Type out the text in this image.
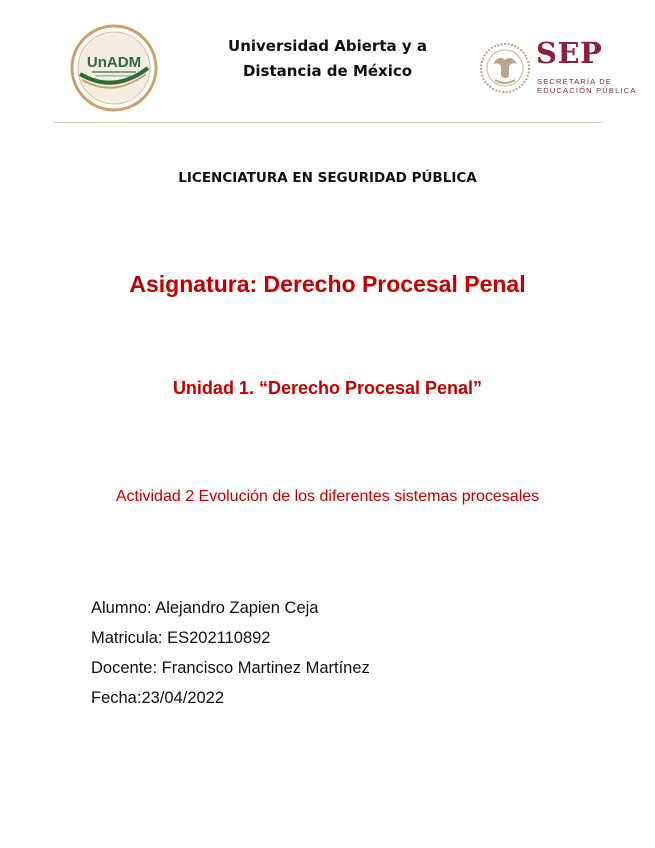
UnADM
Universidad Abierta y a
Distancia de México
SEP
SECRETARÍA DE
EDUCACIÓN PÚBLICA
LICENCIATURA EN SEGURIDAD PÚBLICA
Asignatura: Derecho Procesal Penal
Unidad 1. “Derecho Procesal Penal”
Actividad 2 Evolución de los diferentes sistemas procesales
Alumno: Alejandro Zapien Ceja
Matricula: ES202110892
Docente: Francisco Martinez Martínez
Fecha:23/04/2022
